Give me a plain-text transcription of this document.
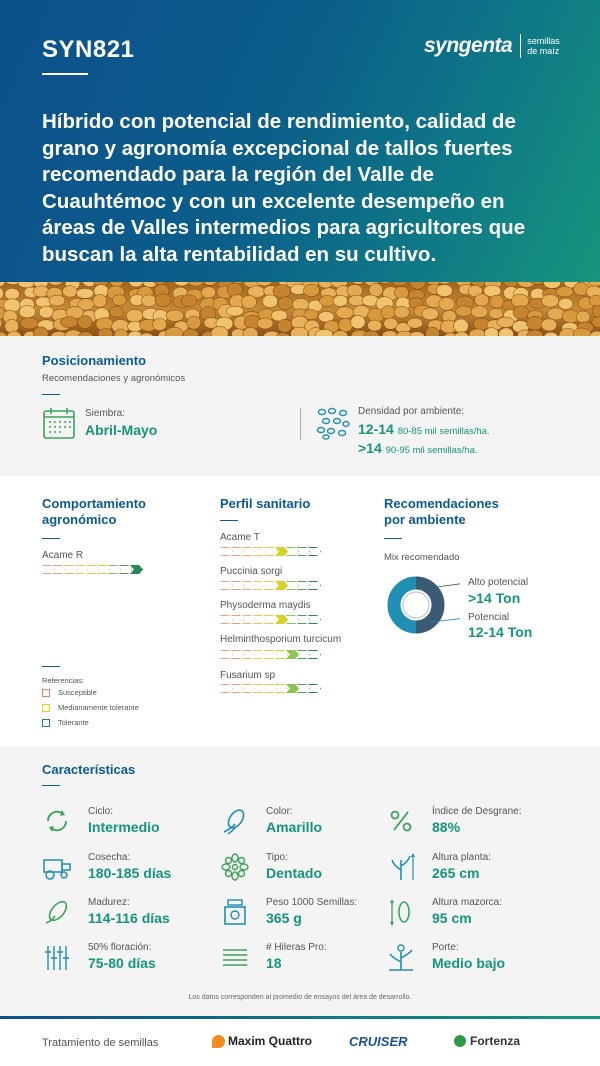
SYN821	syngenta semillas
de maíz
Híbrido con potencial de rendimiento, calidad de grano y agronomía excepcional de tallos fuertes recomendado para la región del Valle de Cuauhtémoc y con un excelente desempeño en áreas de Valles intermedios para agricultores que buscan la alta rentabilidad en su cultivo.
Posicionamiento
Recomendaciones y agronómicos
Siembra:
Abril-Mayo
Densidad por ambiente:
12-14 80-85 mil semillas/ha.
>14 90-95 mil semillas/ha.
Comportamiento
agronómico
Acame R
Referencias:
Susceptible
Medianamente tolerante
Tolerante
Perfil sanitario
Acame T
Puccinia sorgi
Physoderma maydis
Helminthosporium turcicum
Fusarium sp
Recomendaciones
por ambiente
Mix recomendado
Alto potencial
>14 Ton
Potencial
12-14 Ton
Características
Ciclo:
Intermedio
Color:
Amarillo
Índice de Desgrane:
88%
Cosecha:
180-185 días
Tipo:
Dentado
Altura planta:
265 cm
Madurez:
114-116 días
Peso 1000 Semillas:
365 g
Altura mazorca:
95 cm
50% floración:
75-80 días
# Hileras Pro:
18
Porte:
Medio bajo
Los datos corresponden al promedio de ensayos del área de desarrollo.
Tratamiento de semillas	Maxim Quattro	CRUISER	Fortenza
